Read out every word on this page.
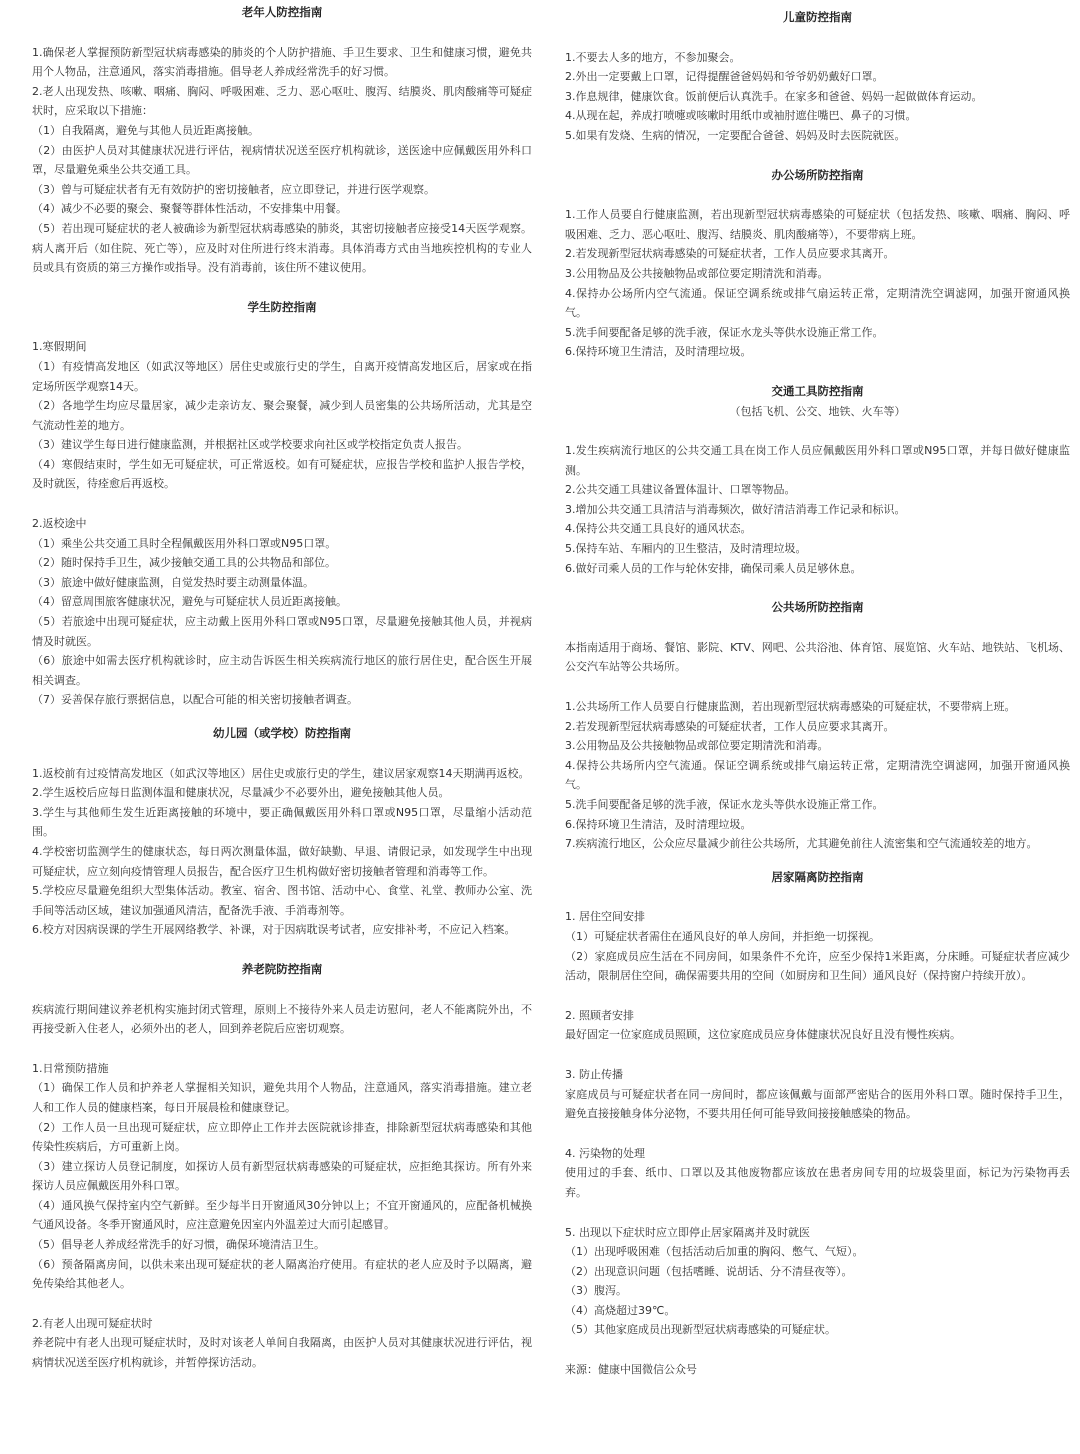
老年人防控指南

1.确保老人掌握预防新型冠状病毒感染的肺炎的个人防护措施、手卫生要求、卫生和健康习惯，避免共用个人物品，注意通风，落实消毒措施。倡导老人养成经常洗手的好习惯。

2.老人出现发热、咳嗽、咽痛、胸闷、呼吸困难、乏力、恶心呕吐、腹泻、结膜炎、肌肉酸痛等可疑症状时，应采取以下措施：

（1）自我隔离，避免与其他人员近距离接触。

（2）由医护人员对其健康状况进行评估，视病情状况送至医疗机构就诊，送医途中应佩戴医用外科口罩，尽量避免乘坐公共交通工具。

（3）曾与可疑症状者有无有效防护的密切接触者，应立即登记，并进行医学观察。

（4）减少不必要的聚会、聚餐等群体性活动，不安排集中用餐。

（5）若出现可疑症状的老人被确诊为新型冠状病毒感染的肺炎，其密切接触者应接受14天医学观察。病人离开后（如住院、死亡等），应及时对住所进行终末消毒。具体消毒方式由当地疾控机构的专业人员或具有资质的第三方操作或指导。没有消毒前，该住所不建议使用。

学生防控指南

1.寒假期间

（1）有疫情高发地区（如武汉等地区）居住史或旅行史的学生，自离开疫情高发地区后，居家或在指定场所医学观察14天。

（2）各地学生均应尽量居家，减少走亲访友、聚会聚餐，减少到人员密集的公共场所活动，尤其是空气流动性差的地方。

（3）建议学生每日进行健康监测，并根据社区或学校要求向社区或学校指定负责人报告。

（4）寒假结束时，学生如无可疑症状，可正常返校。如有可疑症状，应报告学校和监护人报告学校，及时就医，待痊愈后再返校。

2.返校途中

（1）乘坐公共交通工具时全程佩戴医用外科口罩或N95口罩。

（2）随时保持手卫生，减少接触交通工具的公共物品和部位。

（3）旅途中做好健康监测，自觉发热时要主动测量体温。

（4）留意周围旅客健康状况，避免与可疑症状人员近距离接触。

（5）若旅途中出现可疑症状，应主动戴上医用外科口罩或N95口罩，尽量避免接触其他人员，并视病情及时就医。

（6）旅途中如需去医疗机构就诊时，应主动告诉医生相关疾病流行地区的旅行居住史，配合医生开展相关调查。

（7）妥善保存旅行票据信息，以配合可能的相关密切接触者调查。

幼儿园（或学校）防控指南

1.返校前有过疫情高发地区（如武汉等地区）居住史或旅行史的学生，建议居家观察14天期满再返校。

2.学生返校后应每日监测体温和健康状况，尽量减少不必要外出，避免接触其他人员。

3.学生与其他师生发生近距离接触的环境中，要正确佩戴医用外科口罩或N95口罩，尽量缩小活动范围。

4.学校密切监测学生的健康状态，每日两次测量体温，做好缺勤、早退、请假记录，如发现学生中出现可疑症状，应立刻向疫情管理人员报告，配合医疗卫生机构做好密切接触者管理和消毒等工作。

5.学校应尽量避免组织大型集体活动。教室、宿舍、图书馆、活动中心、食堂、礼堂、教师办公室、洗手间等活动区域，建议加强通风清洁，配备洗手液、手消毒剂等。

6.校方对因病误课的学生开展网络教学、补课，对于因病耽误考试者，应安排补考，不应记入档案。

养老院防控指南

疾病流行期间建议养老机构实施封闭式管理，原则上不接待外来人员走访慰问，老人不能离院外出，不再接受新入住老人，必须外出的老人，回到养老院后应密切观察。

1.日常预防措施

（1）确保工作人员和护养老人掌握相关知识，避免共用个人物品，注意通风，落实消毒措施。建立老人和工作人员的健康档案，每日开展晨检和健康登记。

（2）工作人员一旦出现可疑症状，应立即停止工作并去医院就诊排查，排除新型冠状病毒感染和其他传染性疾病后，方可重新上岗。

（3）建立探访人员登记制度，如探访人员有新型冠状病毒感染的可疑症状，应拒绝其探访。所有外来探访人员应佩戴医用外科口罩。

（4）通风换气保持室内空气新鲜。至少每半日开窗通风30分钟以上；不宜开窗通风的，应配备机械换气通风设备。冬季开窗通风时，应注意避免因室内外温差过大而引起感冒。

（5）倡导老人养成经常洗手的好习惯，确保环境清洁卫生。

（6）预备隔离房间，以供未来出现可疑症状的老人隔离治疗使用。有症状的老人应及时予以隔离，避免传染给其他老人。

2.有老人出现可疑症状时

养老院中有老人出现可疑症状时，及时对该老人单间自我隔离，由医护人员对其健康状况进行评估，视病情状况送至医疗机构就诊，并暂停探访活动。

儿童防控指南

1.不要去人多的地方，不参加聚会。

2.外出一定要戴上口罩，记得提醒爸爸妈妈和爷爷奶奶戴好口罩。

3.作息规律，健康饮食。饭前便后认真洗手。在家多和爸爸、妈妈一起做做体育运动。

4.从现在起，养成打喷嚏或咳嗽时用纸巾或袖肘遮住嘴巴、鼻子的习惯。

5.如果有发烧、生病的情况，一定要配合爸爸、妈妈及时去医院就医。

办公场所防控指南

1.工作人员要自行健康监测，若出现新型冠状病毒感染的可疑症状（包括发热、咳嗽、咽痛、胸闷、呼吸困难、乏力、恶心呕吐、腹泻、结膜炎、肌肉酸痛等），不要带病上班。

2.若发现新型冠状病毒感染的可疑症状者，工作人员应要求其离开。

3.公用物品及公共接触物品或部位要定期清洗和消毒。

4.保持办公场所内空气流通。保证空调系统或排气扇运转正常，定期清洗空调滤网，加强开窗通风换气。

5.洗手间要配备足够的洗手液，保证水龙头等供水设施正常工作。

6.保持环境卫生清洁，及时清理垃圾。

交通工具防控指南

（包括飞机、公交、地铁、火车等）

1.发生疾病流行地区的公共交通工具在岗工作人员应佩戴医用外科口罩或N95口罩，并每日做好健康监测。

2.公共交通工具建议备置体温计、口罩等物品。

3.增加公共交通工具清洁与消毒频次，做好清洁消毒工作记录和标识。

4.保持公共交通工具良好的通风状态。

5.保持车站、车厢内的卫生整洁，及时清理垃圾。

6.做好司乘人员的工作与轮休安排，确保司乘人员足够休息。

公共场所防控指南

本指南适用于商场、餐馆、影院、KTV、网吧、公共浴池、体育馆、展览馆、火车站、地铁站、飞机场、公交汽车站等公共场所。

1.公共场所工作人员要自行健康监测，若出现新型冠状病毒感染的可疑症状，不要带病上班。

2.若发现新型冠状病毒感染的可疑症状者，工作人员应要求其离开。

3.公用物品及公共接触物品或部位要定期清洗和消毒。

4.保持公共场所内空气流通。保证空调系统或排气扇运转正常，定期清洗空调滤网，加强开窗通风换气。

5.洗手间要配备足够的洗手液，保证水龙头等供水设施正常工作。

6.保持环境卫生清洁，及时清理垃圾。

7.疾病流行地区，公众应尽量减少前往公共场所，尤其避免前往人流密集和空气流通较差的地方。

居家隔离防控指南

1. 居住空间安排

（1）可疑症状者需住在通风良好的单人房间，并拒绝一切探视。

（2）家庭成员应生活在不同房间，如果条件不允许，应至少保持1米距离，分床睡。可疑症状者应减少活动，限制居住空间，确保需要共用的空间（如厨房和卫生间）通风良好（保持窗户持续开放）。

2. 照顾者安排

最好固定一位家庭成员照顾，这位家庭成员应身体健康状况良好且没有慢性疾病。

3. 防止传播

家庭成员与可疑症状者在同一房间时，都应该佩戴与面部严密贴合的医用外科口罩。随时保持手卫生，避免直接接触身体分泌物，不要共用任何可能导致间接接触感染的物品。

4. 污染物的处理

使用过的手套、纸巾、口罩以及其他废物都应该放在患者房间专用的垃圾袋里面，标记为污染物再丢弃。

5. 出现以下症状时应立即停止居家隔离并及时就医

（1）出现呼吸困难（包括活动后加重的胸闷、憋气、气短）。

（2）出现意识问题（包括嗜睡、说胡话、分不清昼夜等）。

（3）腹泻。

（4）高烧超过39℃。

（5）其他家庭成员出现新型冠状病毒感染的可疑症状。

来源：健康中国微信公众号
